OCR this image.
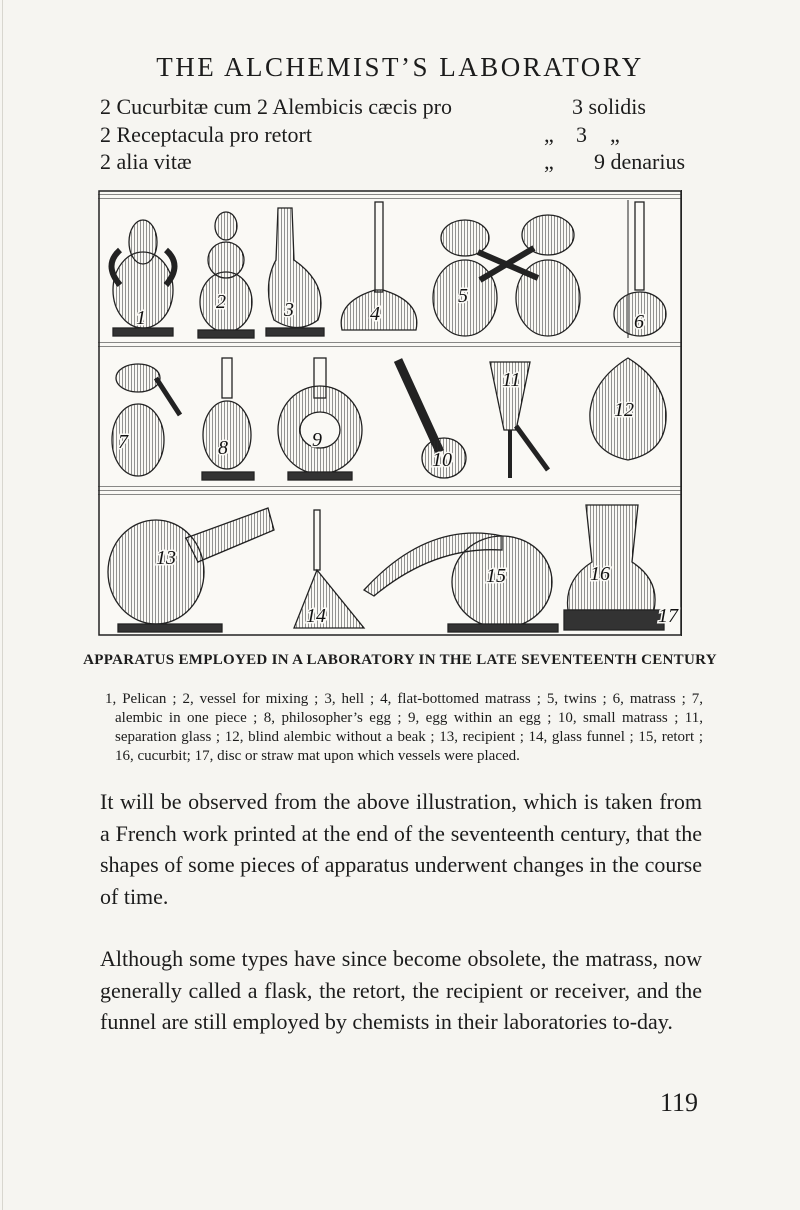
THE ALCHEMIST’S LABORATORY
2 Cucurbitæ cum 2 Alembicis cæcis pro	3 solidis
2 Receptacula pro retort	„ 3 „
2 alia vitæ	„ 9 denarius
1
2	3	4
5
6
7	8	9
10
11
12
13
14
15	16
17
APPARATUS EMPLOYED IN A LABORATORY IN THE LATE SEVENTEENTH CENTURY
1, Pelican ; 2, vessel for mixing ; 3, hell ; 4, flat-bottomed matrass ; 5, twins ; 6, matrass ; 7, alembic in one piece ; 8, philosopher’s egg ; 9, egg within an egg ; 10, small matrass ; 11, separation glass ; 12, blind alembic without a beak ; 13, recipient ; 14, glass funnel ; 15, retort ; 16, cucurbit; 17, disc or straw mat upon which vessels were placed.
It will be observed from the above illustration, which is taken from a French work printed at the end of the seventeenth century, that the shapes of some pieces of apparatus underwent changes in the course of time.
Although some types have since become obsolete, the matrass, now generally called a flask, the retort, the recipient or receiver, and the funnel are still employed by chemists in their laboratories to-day.
119
